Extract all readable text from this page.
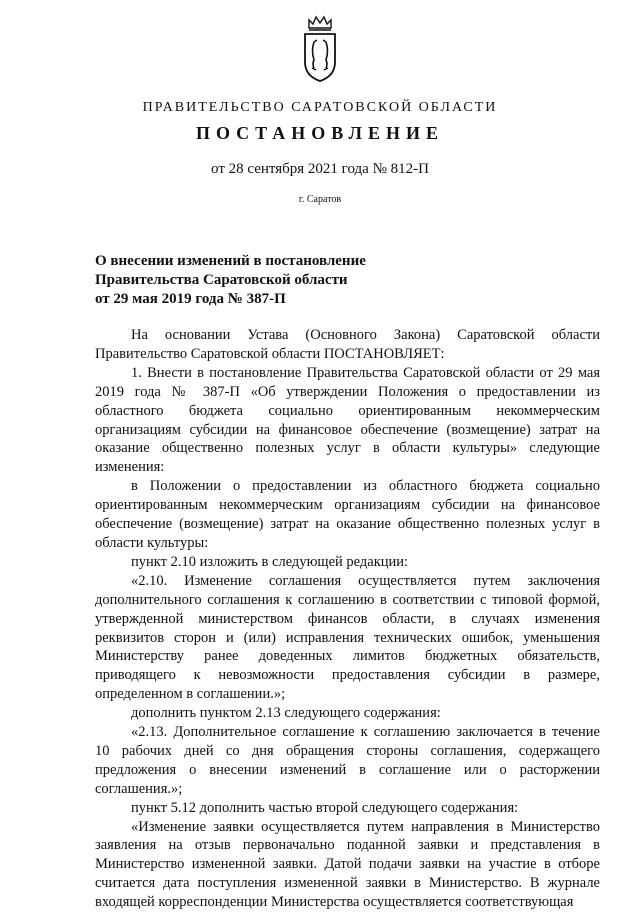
ПРАВИТЕЛЬСТВО САРАТОВСКОЙ ОБЛАСТИ
ПОСТАНОВЛЕНИЕ
от 28 сентября 2021 года № 812-П
г. Саратов
О внесении изменений в постановление
Правительства Саратовской области
от 29 мая 2019 года № 387-П

На основании Устава (Основного Закона) Саратовской области Правительство Саратовской области ПОСТАНОВЛЯЕТ:

1. Внести в постановление Правительства Саратовской области от 29 мая 2019 года № 387-П «Об утверждении Положения о предоставлении из областного бюджета социально ориентированным некоммерческим организациям субсидии на финансовое обеспечение (возмещение) затрат на оказание общественно полезных услуг в области культуры» следующие изменения:

в Положении о предоставлении из областного бюджета социально ориентированным некоммерческим организациям субсидии на финансовое обеспечение (возмещение) затрат на оказание общественно полезных услуг в области культуры:

пункт 2.10 изложить в следующей редакции:

«2.10. Изменение соглашения осуществляется путем заключения дополнительного соглашения к соглашению в соответствии с типовой формой, утвержденной министерством финансов области, в случаях изменения реквизитов сторон и (или) исправления технических ошибок, уменьшения Министерству ранее доведенных лимитов бюджетных обязательств, приводящего к невозможности предоставления субсидии в размере, определенном в соглашении.»;

дополнить пунктом 2.13 следующего содержания:

«2.13. Дополнительное соглашение к соглашению заключается в течение 10 рабочих дней со дня обращения стороны соглашения, содержащего предложения о внесении изменений в соглашение или о расторжении соглашения.»;

пункт 5.12 дополнить частью второй следующего содержания:

«Изменение заявки осуществляется путем направления в Министерство заявления на отзыв первоначально поданной заявки и представления в Министерство измененной заявки. Датой подачи заявки на участие в отборе считается дата поступления измененной заявки в Министерство. В журнале входящей корреспонденции Министерства осуществляется соответствующая
